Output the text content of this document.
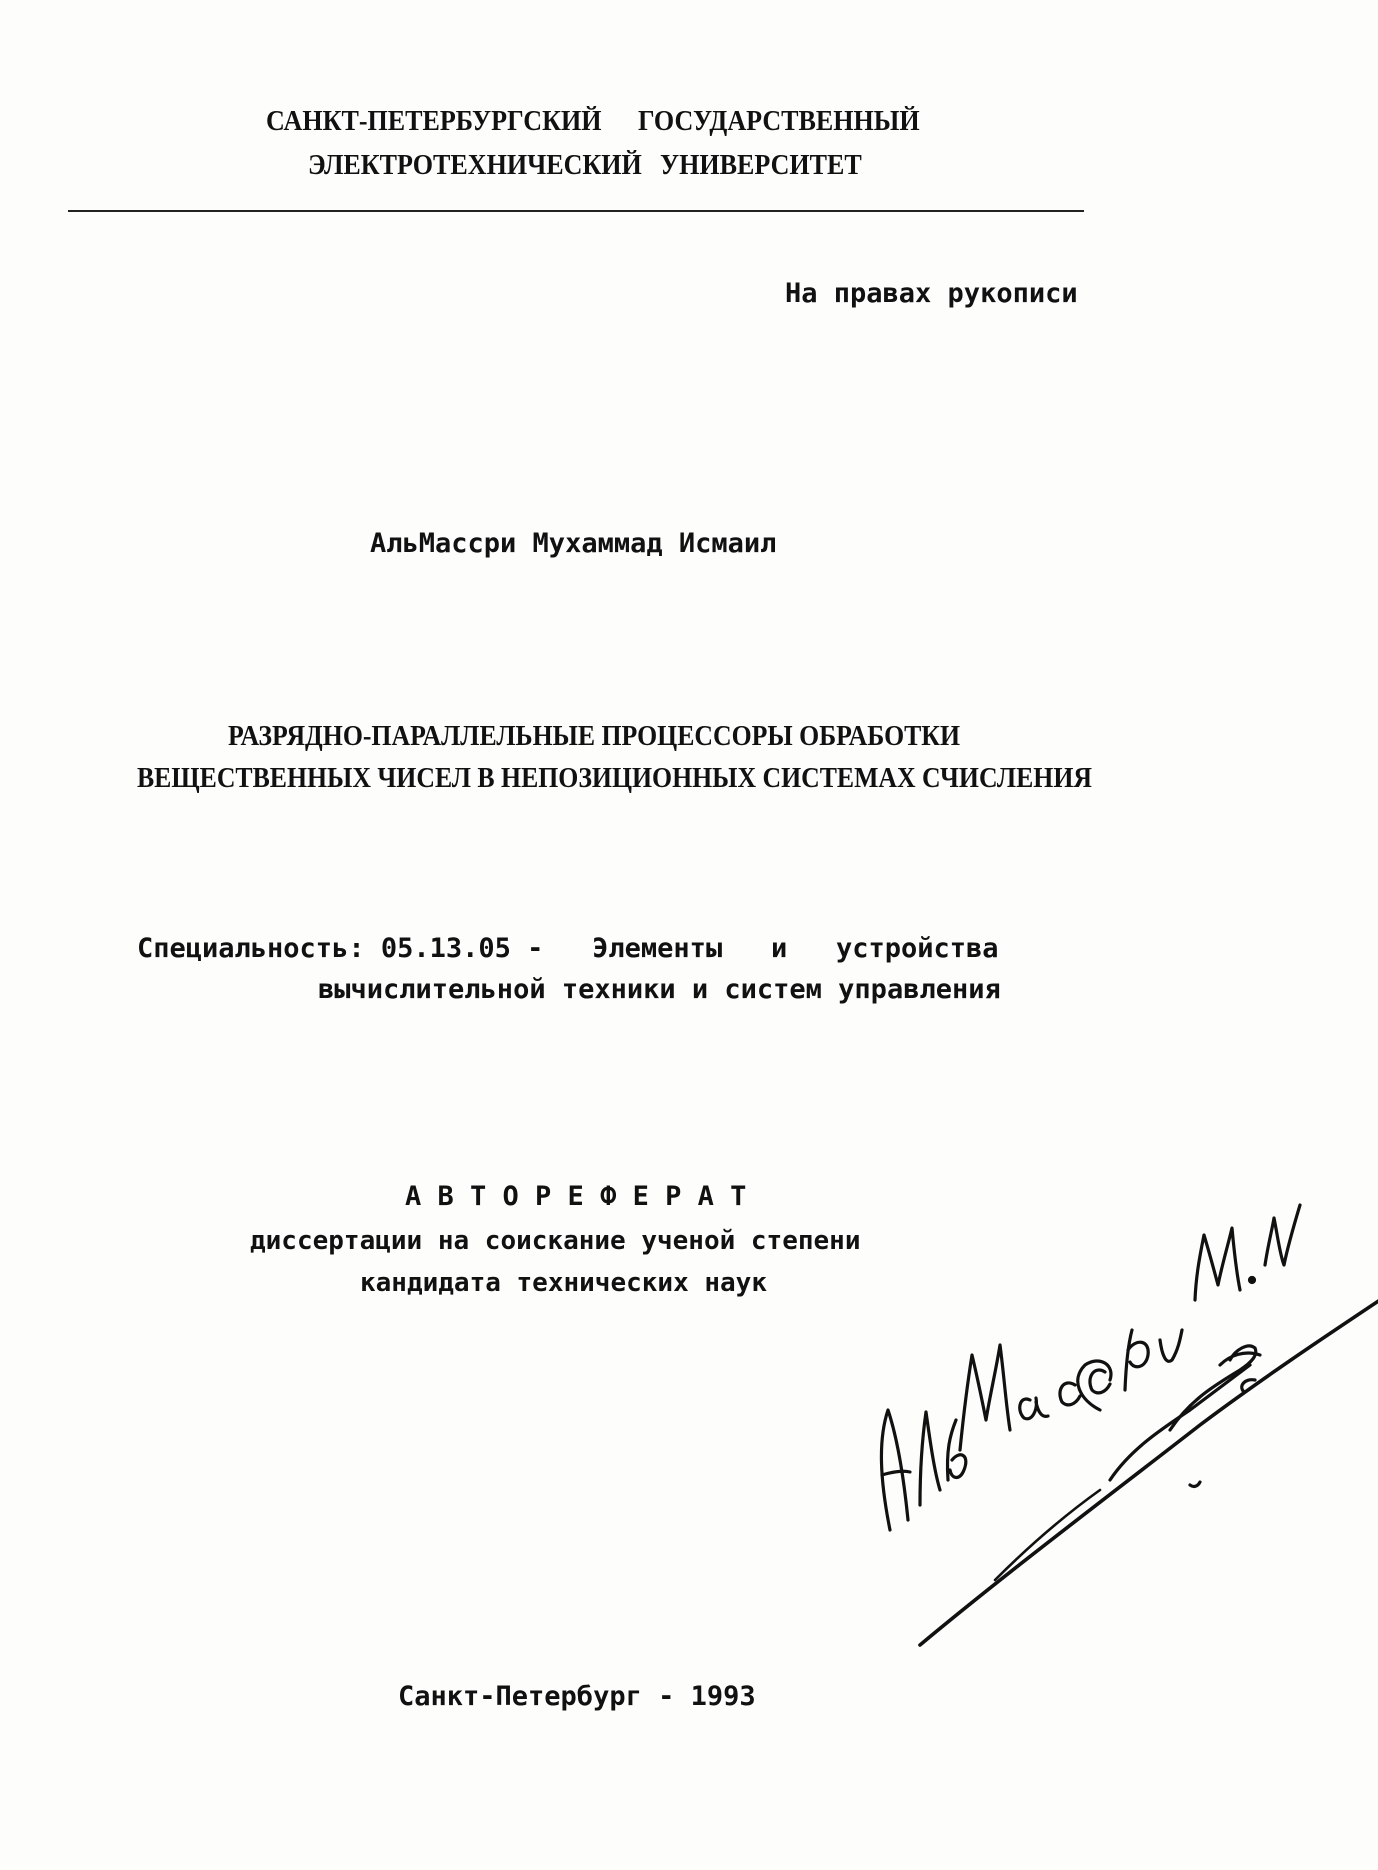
САНКТ-ПЕТЕРБУРГСКИЙ ГОСУДАРСТВЕННЫЙ
ЭЛЕКТРОТЕХНИЧЕСКИЙ УНИВЕРСИТЕТ
На правах рукописи
АльМассри Мухаммад Исмаил
РАЗРЯДНО-ПАРАЛЛЕЛЬНЫЕ ПРОЦЕССОРЫ ОБРАБОТКИ
ВЕЩЕСТВЕННЫХ ЧИСЕЛ В НЕПОЗИЦИОННЫХ СИСТЕМАХ СЧИСЛЕНИЯ
Специальность: 05.13.05 -   Элементы   и   устройства
вычислительной техники и систем управления
А В Т О Р Е Ф Е Р А Т
диссертации на соискание ученой степени
кандидата технических наук
Санкт-Петербург - 1993
